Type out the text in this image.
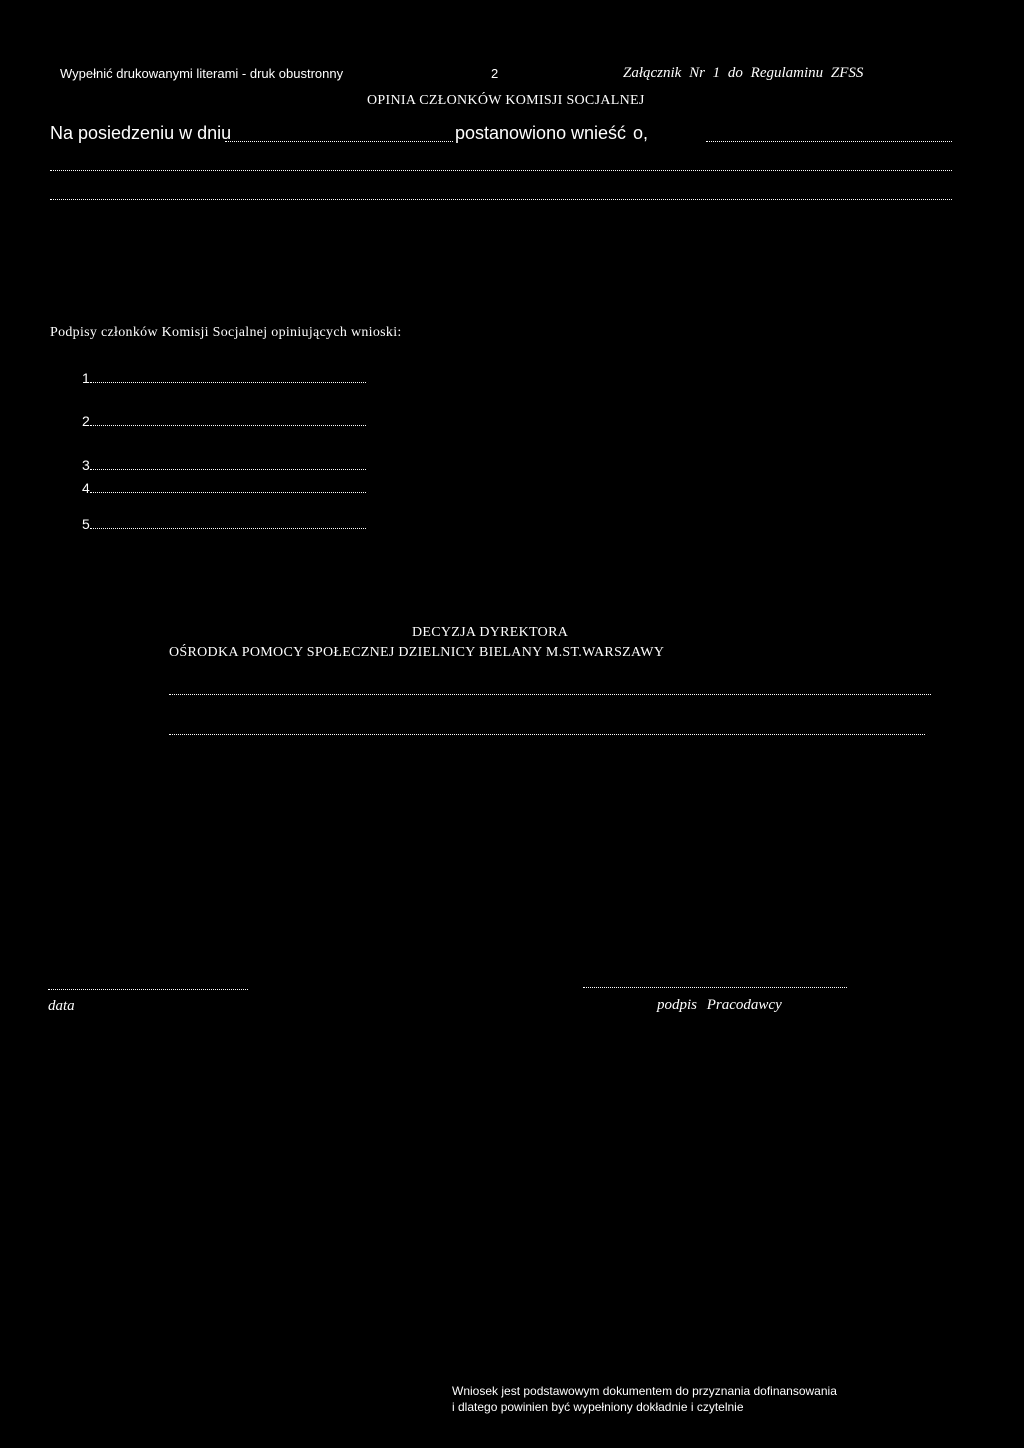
Wypełnić drukowanymi literami - druk obustronny	2	Załącznik Nr 1 do Regulaminu ZFSS
OPINIA CZŁONKÓW KOMISJI SOCJALNEJ
Na posiedzeniu w dniu	postanowiono wnieść o,
Podpisy członków Komisji Socjalnej opiniujących wnioski:
1
2
3
4
5
DECYZJA DYREKTORA
OŚRODKA POMOCY SPOŁECZNEJ DZIELNICY BIELANY M.ST.WARSZAWY
data	podpis Pracodawcy
Wniosek jest podstawowym dokumentem do przyznania dofinansowania
i dlatego powinien być wypełniony dokładnie i czytelnie
